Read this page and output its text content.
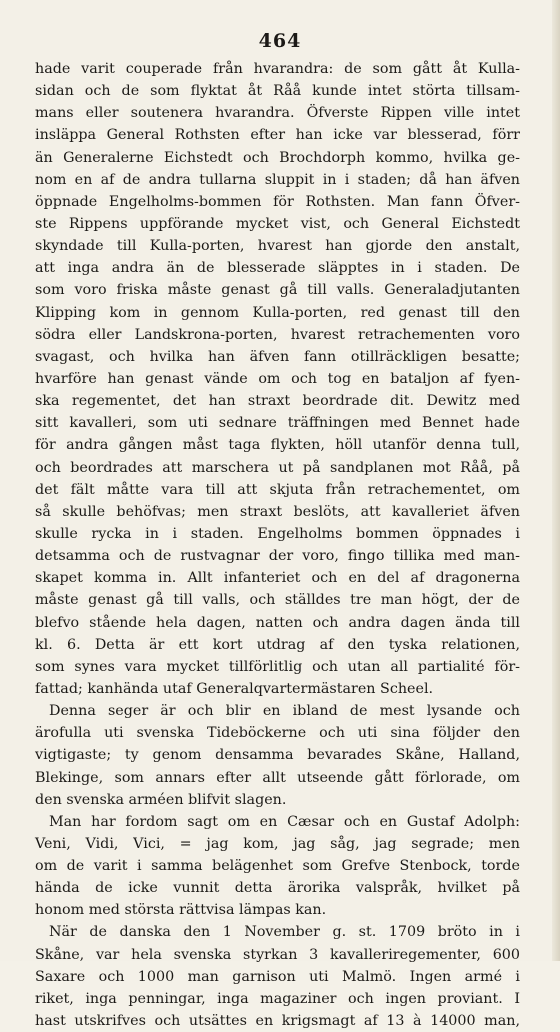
464
hade varit couperade från hvarandra: de som gått åt Kulla-
sidan och de som flyktat åt Råå kunde intet störta tillsam-
mans eller soutenera hvarandra. Öfverste Rippen ville intet
insläppa General Rothsten efter han icke var blesserad, förr
än Generalerne Eichstedt och Brochdorph kommo, hvilka ge-
nom en af de andra tullarna sluppit in i staden; då han äfven
öppnade Engelholms-bommen för Rothsten. Man fann Öfver-
ste Rippens uppförande mycket vist, och General Eichstedt
skyndade till Kulla-porten, hvarest han gjorde den anstalt,
att inga andra än de blesserade släpptes in i staden. De
som voro friska måste genast gå till valls. Generaladjutanten
Klipping kom in gennom Kulla-porten, red genast till den
södra eller Landskrona-porten, hvarest retrachementen voro
svagast, och hvilka han äfven fann otillräckligen besatte;
hvarföre han genast vände om och tog en bataljon af fyen-
ska regementet, det han straxt beordrade dit. Dewitz med
sitt kavalleri, som uti sednare träffningen med Bennet hade
för andra gången måst taga flykten, höll utanför denna tull,
och beordrades att marschera ut på sandplanen mot Råå, på
det fält måtte vara till att skjuta från retrachementet, om
så skulle behöfvas; men straxt beslöts, att kavalleriet äfven
skulle rycka in i staden. Engelholms bommen öppnades i
detsamma och de rustvagnar der voro, fingo tillika med man-
skapet komma in. Allt infanteriet och en del af dragonerna
måste genast gå till valls, och ställdes tre man högt, der de
blefvo stående hela dagen, natten och andra dagen ända till
kl. 6. Detta är ett kort utdrag af den tyska relationen,
som synes vara mycket tillförlitlig och utan all partialité för-
fattad; kanhända utaf Generalqvartermästaren Scheel.
Denna seger är och blir en ibland de mest lysande och
ärofulla uti svenska Tideböckerne och uti sina följder den
vigtigaste; ty genom densamma bevarades Skåne, Halland,
Blekinge, som annars efter allt utseende gått förlorade, om
den svenska arméen blifvit slagen.
Man har fordom sagt om en Cæsar och en Gustaf Adolph:
Veni, Vidi, Vici, = jag kom, jag såg, jag segrade; men
om de varit i samma belägenhet som Grefve Stenbock, torde
hända de icke vunnit detta ärorika valspråk, hvilket på
honom med största rättvisa lämpas kan.
När de danska den 1 November g. st. 1709 bröto in i
Skåne, var hela svenska styrkan 3 kavalleriregementer, 600
Saxare och 1000 man garnison uti Malmö. Ingen armé i
riket, inga penningar, inga magaziner och ingen proviant. I
hast utskrifves och utsättes en krigsmagt af 13 à 14000 man,
